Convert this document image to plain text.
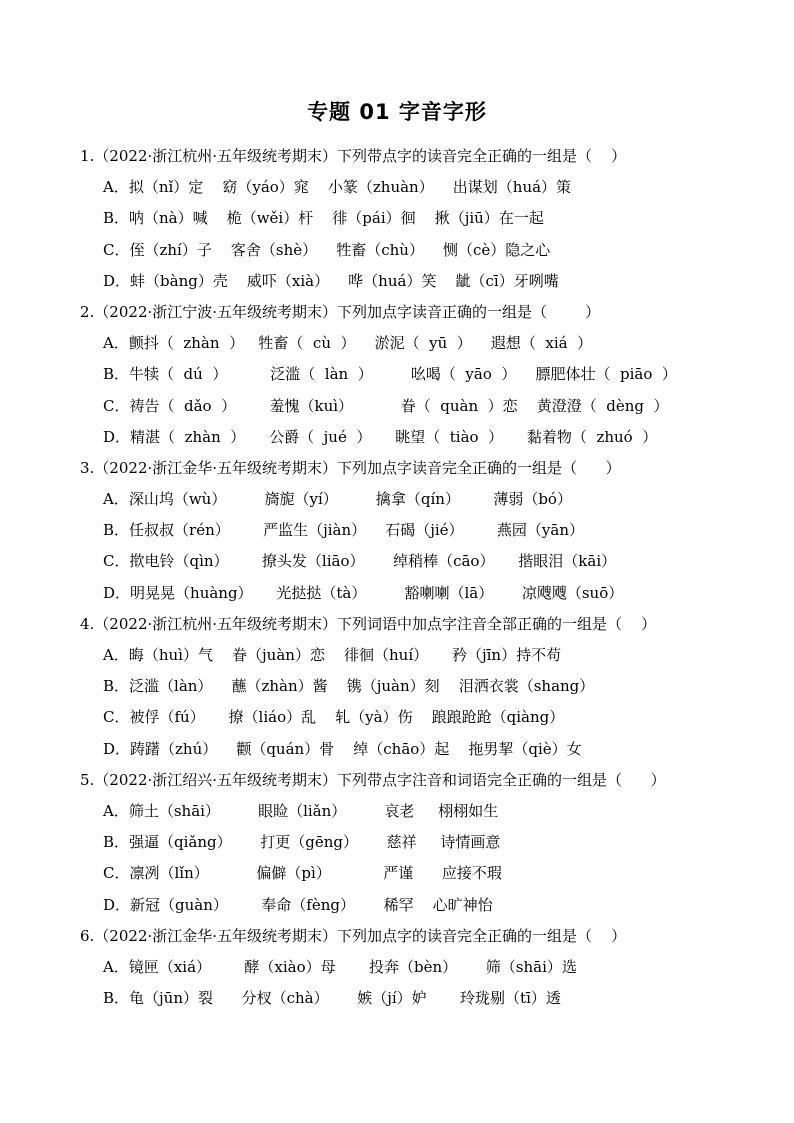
专题 01 字音字形
1.（2022·浙江杭州·五年级统考期末）下列带点字的读音完全正确的一组是（    ）
A．拟（nǐ）定    窈（yáo）窕    小篆（zhuàn）    出谋划（huá）策
B．呐（nà）喊    桅（wěi）杆    徘（pái）徊    揪（jiū）在一起
C．侄（zhí）子    客舍（shè）    牲畜（chù）    恻（cè）隐之心
D．蚌（bàng）壳    威吓（xià）    哗（huá）笑    龇（cī）牙咧嘴
2.（2022·浙江宁波·五年级统考期末）下列加点字读音正确的一组是（        ）
A．颤抖（  zhàn  ）   牲畜（  cù  ）    淤泥（  yū  ）    遐想（  xiá  ）
B．牛犊（  dú  ）         泛滥（  làn  ）        吆喝（  yāo  ）    膘肥体壮（  piāo  ）
C．祷告（  dǎo  ）       羞愧（kuì）          眷（  quàn  ）恋    黄澄澄（  dèng  ）
D．精湛（  zhàn  ）     公爵（  jué  ）     眺望（  tiào  ）     黏着物（  zhuó  ）
3.（2022·浙江金华·五年级统考期末）下列加点字读音完全正确的一组是（      ）
A．深山坞（wù）        旖旎（yí）        擒拿（qín）       薄弱（bó）
B．任叔叔（rén）       严监生（jiàn）    石碣（jié）       燕园（yān）
C．揿电铃（qìn）       撩头发（liāo）      绰稍棒（cāo）     揩眼泪（kāi）
D．明晃晃（huàng）     光挞挞（tà）        豁喇喇（lā）      凉飕飕（suō）
4.（2022·浙江杭州·五年级统考期末）下列词语中加点字注音全部正确的一组是（    ）
A．晦（huì）气    眷（juàn）恋    徘徊（huí）     矜（jīn）持不苟
B．泛滥（làn）    蘸（zhàn）酱    镌（juàn）刻    泪洒衣裳（shang）
C．被俘（fú）     撩（liáo）乱    轧（yà）伤    踉踉跄跄（qiàng）
D．踌躇（zhú）    颧（quán）骨    绰（chāo）起    拖男挈（qiè）女
5.（2022·浙江绍兴·五年级统考期末）下列带点字注音和词语完全正确的一组是（      ）
A．筛土（shāi）        眼睑（liǎn）        哀老     栩栩如生
B．强逼（qiǎng）      打更（gēng）      慈祥     诗情画意
C．凛冽（lǐn）          偏僻（pì）           严谨      应接不瑕
D．新冠（guàn）       奉命（fèng）      稀罕    心旷神怡
6.（2022·浙江金华·五年级统考期末）下列加点字的读音完全正确的一组是（    ）
A．镜匣（xiá）       酵（xiào）母       投奔（bèn）      筛（shāi）选
B．龟（jūn）裂      分杈（chà）      嫉（jí）妒       玲珑剔（tī）透
